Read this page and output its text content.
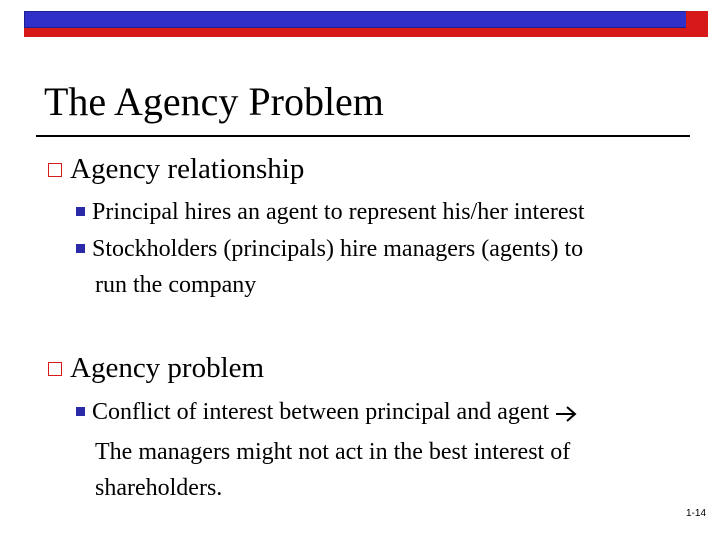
The Agency Problem
Agency relationship
Principal hires an agent to represent his/her interest
Stockholders (principals) hire managers (agents) to
run the company
Agency problem
Conflict of interest between principal and agent
The managers might not act in the best interest of
shareholders.
1-14
